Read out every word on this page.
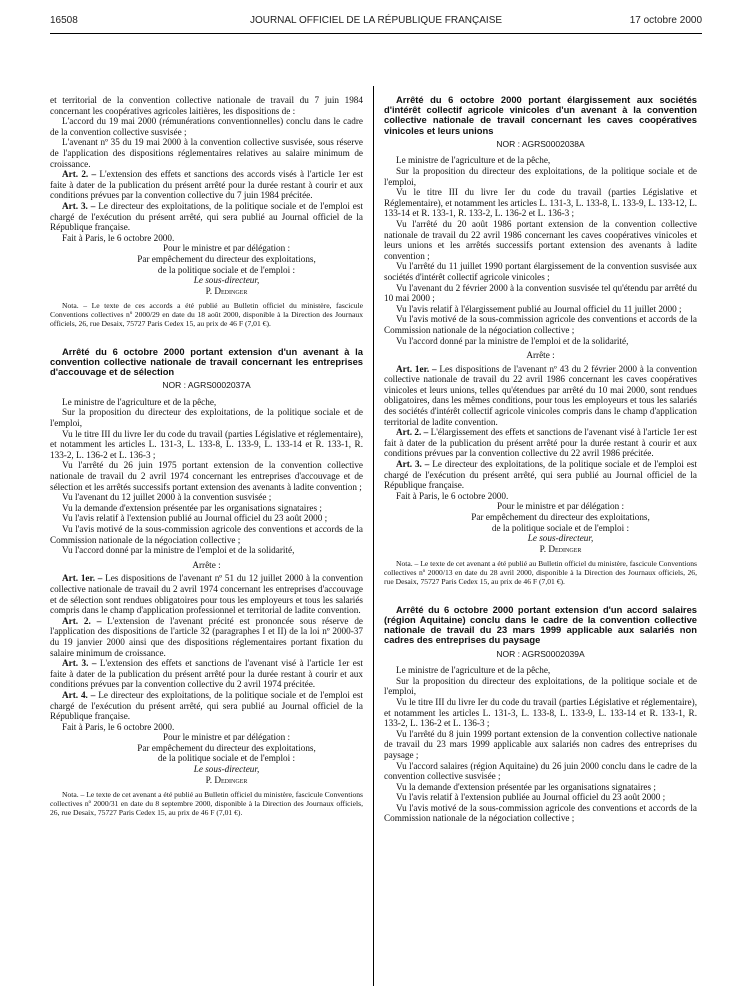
16508	JOURNAL OFFICIEL DE LA RÉPUBLIQUE FRANÇAISE	17 octobre 2000

et territorial de la convention collective nationale de travail du 7 juin 1984 concernant les coopératives agricoles laitières, les dispositions de :

L'accord du 19 mai 2000 (rémunérations conventionnelles) conclu dans le cadre de la convention collective susvisée ;

L'avenant nº 35 du 19 mai 2000 à la convention collective susvisée, sous réserve de l'application des dispositions réglementaires relatives au salaire minimum de croissance.

Art. 2. – L'extension des effets et sanctions des accords visés à l'article 1er est faite à dater de la publication du présent arrêté pour la durée restant à courir et aux conditions prévues par la convention collective du 7 juin 1984 précitée.

Art. 3. – Le directeur des exploitations, de la politique sociale et de l'emploi est chargé de l'exécution du présent arrêté, qui sera publié au Journal officiel de la République française.

Fait à Paris, le 6 octobre 2000.

Pour le ministre et par délégation :

Par empêchement du directeur des exploitations,

de la politique sociale et de l'emploi :

Le sous-directeur,

P. Dedinger

Nota. – Le texte de ces accords a été publié au Bulletin officiel du ministère, fascicule Conventions collectives nº 2000/29 en date du 18 août 2000, disponible à la Direction des Journaux officiels, 26, rue Desaix, 75727 Paris Cedex 15, au prix de 46 F (7,01 €).

Arrêté du 6 octobre 2000 portant extension d'un avenant à la convention collective nationale de travail concernant les entreprises d'accouvage et de sélection

NOR : AGRS0002037A

Le ministre de l'agriculture et de la pêche,

Sur la proposition du directeur des exploitations, de la politique sociale et de l'emploi,

Vu le titre III du livre Ier du code du travail (parties Législative et réglementaire), et notamment les articles L. 131-3, L. 133-8, L. 133-9, L. 133-14 et R. 133-1, R. 133-2, L. 136-2 et L. 136-3 ;

Vu l'arrêté du 26 juin 1975 portant extension de la convention collective nationale de travail du 2 avril 1974 concernant les entreprises d'accouvage et de sélection et les arrêtés successifs portant extension des avenants à ladite convention ;

Vu l'avenant du 12 juillet 2000 à la convention susvisée ;

Vu la demande d'extension présentée par les organisations signataires ;

Vu l'avis relatif à l'extension publié au Journal officiel du 23 août 2000 ;

Vu l'avis motivé de la sous-commission agricole des conventions et accords de la Commission nationale de la négociation collective ;

Vu l'accord donné par la ministre de l'emploi et de la solidarité,

Arrête :

Art. 1er. – Les dispositions de l'avenant nº 51 du 12 juillet 2000 à la convention collective nationale de travail du 2 avril 1974 concernant les entreprises d'accouvage et de sélection sont rendues obligatoires pour tous les employeurs et tous les salariés compris dans le champ d'application professionnel et territorial de ladite convention.

Art. 2. – L'extension de l'avenant précité est prononcée sous réserve de l'application des dispositions de l'article 32 (paragraphes I et II) de la loi nº 2000-37 du 19 janvier 2000 ainsi que des dispositions réglementaires portant fixation du salaire minimum de croissance.

Art. 3. – L'extension des effets et sanctions de l'avenant visé à l'article 1er est faite à dater de la publication du présent arrêté pour la durée restant à courir et aux conditions prévues par la convention collective du 2 avril 1974 précitée.

Art. 4. – Le directeur des exploitations, de la politique sociale et de l'emploi est chargé de l'exécution du présent arrêté, qui sera publié au Journal officiel de la République française.

Fait à Paris, le 6 octobre 2000.

Pour le ministre et par délégation :

Par empêchement du directeur des exploitations,

de la politique sociale et de l'emploi :

Le sous-directeur,

P. Dedinger

Nota. – Le texte de cet avenant a été publié au Bulletin officiel du ministère, fascicule Conventions collectives nº 2000/31 en date du 8 septembre 2000, disponible à la Direction des Journaux officiels, 26, rue Desaix, 75727 Paris Cedex 15, au prix de 46 F (7,01 €).

Arrêté du 6 octobre 2000 portant élargissement aux sociétés d'intérêt collectif agricole vinicoles d'un avenant à la convention collective nationale de travail concernant les caves coopératives vinicoles et leurs unions

NOR : AGRS0002038A

Le ministre de l'agriculture et de la pêche,

Sur la proposition du directeur des exploitations, de la politique sociale et de l'emploi,

Vu le titre III du livre Ier du code du travail (parties Législative et Réglementaire), et notamment les articles L. 131-3, L. 133-8, L. 133-9, L. 133-12, L. 133-14 et R. 133-1, R. 133-2, L. 136-2 et L. 136-3 ;

Vu l'arrêté du 20 août 1986 portant extension de la convention collective nationale de travail du 22 avril 1986 concernant les caves coopératives vinicoles et leurs unions et les arrêtés successifs portant extension des avenants à ladite convention ;

Vu l'arrêté du 11 juillet 1990 portant élargissement de la convention susvisée aux sociétés d'intérêt collectif agricole vinicoles ;

Vu l'avenant du 2 février 2000 à la convention susvisée tel qu'étendu par arrêté du 10 mai 2000 ;

Vu l'avis relatif à l'élargissement publié au Journal officiel du 11 juillet 2000 ;

Vu l'avis motivé de la sous-commission agricole des conventions et accords de la Commission nationale de la négociation collective ;

Vu l'accord donné par la ministre de l'emploi et de la solidarité,

Arrête :

Art. 1er. – Les dispositions de l'avenant nº 43 du 2 février 2000 à la convention collective nationale de travail du 22 avril 1986 concernant les caves coopératives vinicoles et leurs unions, telles qu'étendues par arrêté du 10 mai 2000, sont rendues obligatoires, dans les mêmes conditions, pour tous les employeurs et tous les salariés des sociétés d'intérêt collectif agricole vinicoles compris dans le champ d'application territorial de ladite convention.

Art. 2. – L'élargissement des effets et sanctions de l'avenant visé à l'article 1er est fait à dater de la publication du présent arrêté pour la durée restant à courir et aux conditions prévues par la convention collective du 22 avril 1986 précitée.

Art. 3. – Le directeur des exploitations, de la politique sociale et de l'emploi est chargé de l'exécution du présent arrêté, qui sera publié au Journal officiel de la République française.

Fait à Paris, le 6 octobre 2000.

Pour le ministre et par délégation :

Par empêchement du directeur des exploitations,

de la politique sociale et de l'emploi :

Le sous-directeur,

P. Dedinger

Nota. – Le texte de cet avenant a été publié au Bulletin officiel du ministère, fascicule Conventions collectives nº 2000/13 en date du 28 avril 2000, disponible à la Direction des Journaux officiels, 26, rue Desaix, 75727 Paris Cedex 15, au prix de 46 F (7,01 €).

Arrêté du 6 octobre 2000 portant extension d'un accord salaires (région Aquitaine) conclu dans le cadre de la convention collective nationale de travail du 23 mars 1999 applicable aux salariés non cadres des entreprises du paysage

NOR : AGRS0002039A

Le ministre de l'agriculture et de la pêche,

Sur la proposition du directeur des exploitations, de la politique sociale et de l'emploi,

Vu le titre III du livre Ier du code du travail (parties Législative et réglementaire), et notamment les articles L. 131-3, L. 133-8, L. 133-9, L. 133-14 et R. 133-1, R. 133-2, L. 136-2 et L. 136-3 ;

Vu l'arrêté du 8 juin 1999 portant extension de la convention collective nationale de travail du 23 mars 1999 applicable aux salariés non cadres des entreprises du paysage ;

Vu l'accord salaires (région Aquitaine) du 26 juin 2000 conclu dans le cadre de la convention collective susvisée ;

Vu la demande d'extension présentée par les organisations signataires ;

Vu l'avis relatif à l'extension publiée au Journal officiel du 23 août 2000 ;

Vu l'avis motivé de la sous-commission agricole des conventions et accords de la Commission nationale de la négociation collective ;
